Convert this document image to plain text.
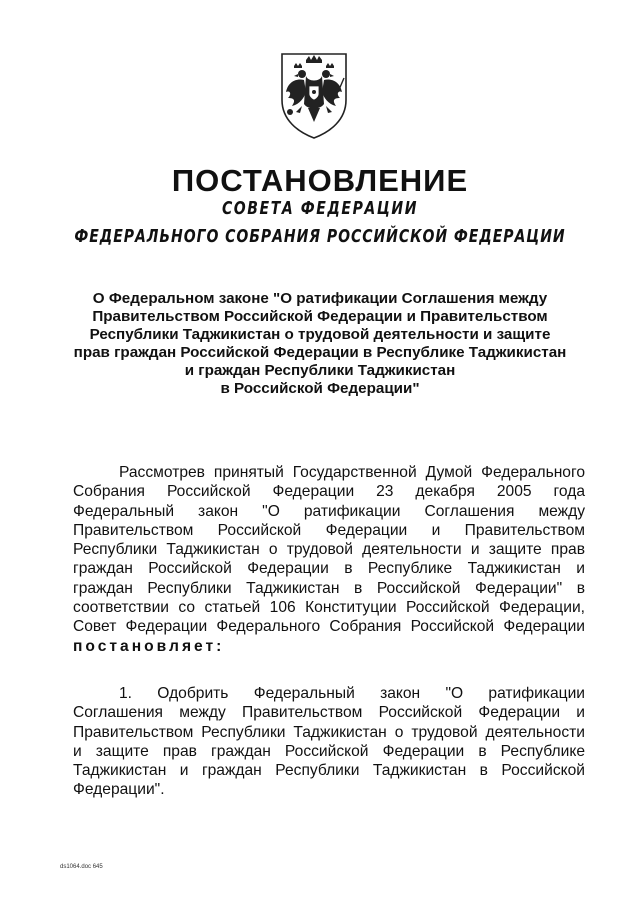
ПОСТАНОВЛЕНИЕ
СОВЕТА ФЕДЕРАЦИИ
ФЕДЕРАЛЬНОГО СОБРАНИЯ РОССИЙСКОЙ ФЕДЕРАЦИИ
О Федеральном законе "О ратификации Соглашения между
Правительством Российской Федерации и Правительством
Республики Таджикистан о трудовой деятельности и защите
прав граждан Российской Федерации в Республике Таджикистан
и граждан Республики Таджикистан
в Российской Федерации"
Рассмотрев принятый Государственной Думой Федерального
Собрания Российской Федерации 23 декабря 2005 года
Федеральный закон "О ратификации Соглашения между
Правительством Российской Федерации и Правительством
Республики Таджикистан о трудовой деятельности и защите прав
граждан Российской Федерации в Республике Таджикистан и
граждан Республики Таджикистан в Российской Федерации" в
соответствии со статьей 106 Конституции Российской Федерации,
Совет Федерации Федерального Собрания Российской Федерации
постановляет:
1. Одобрить Федеральный закон "О ратификации
Соглашения между Правительством Российской Федерации и
Правительством Республики Таджикистан о трудовой деятельности
и защите прав граждан Российской Федерации в Республике
Таджикистан и граждан Республики Таджикистан в Российской
Федерации".
ds1064.doc 645
